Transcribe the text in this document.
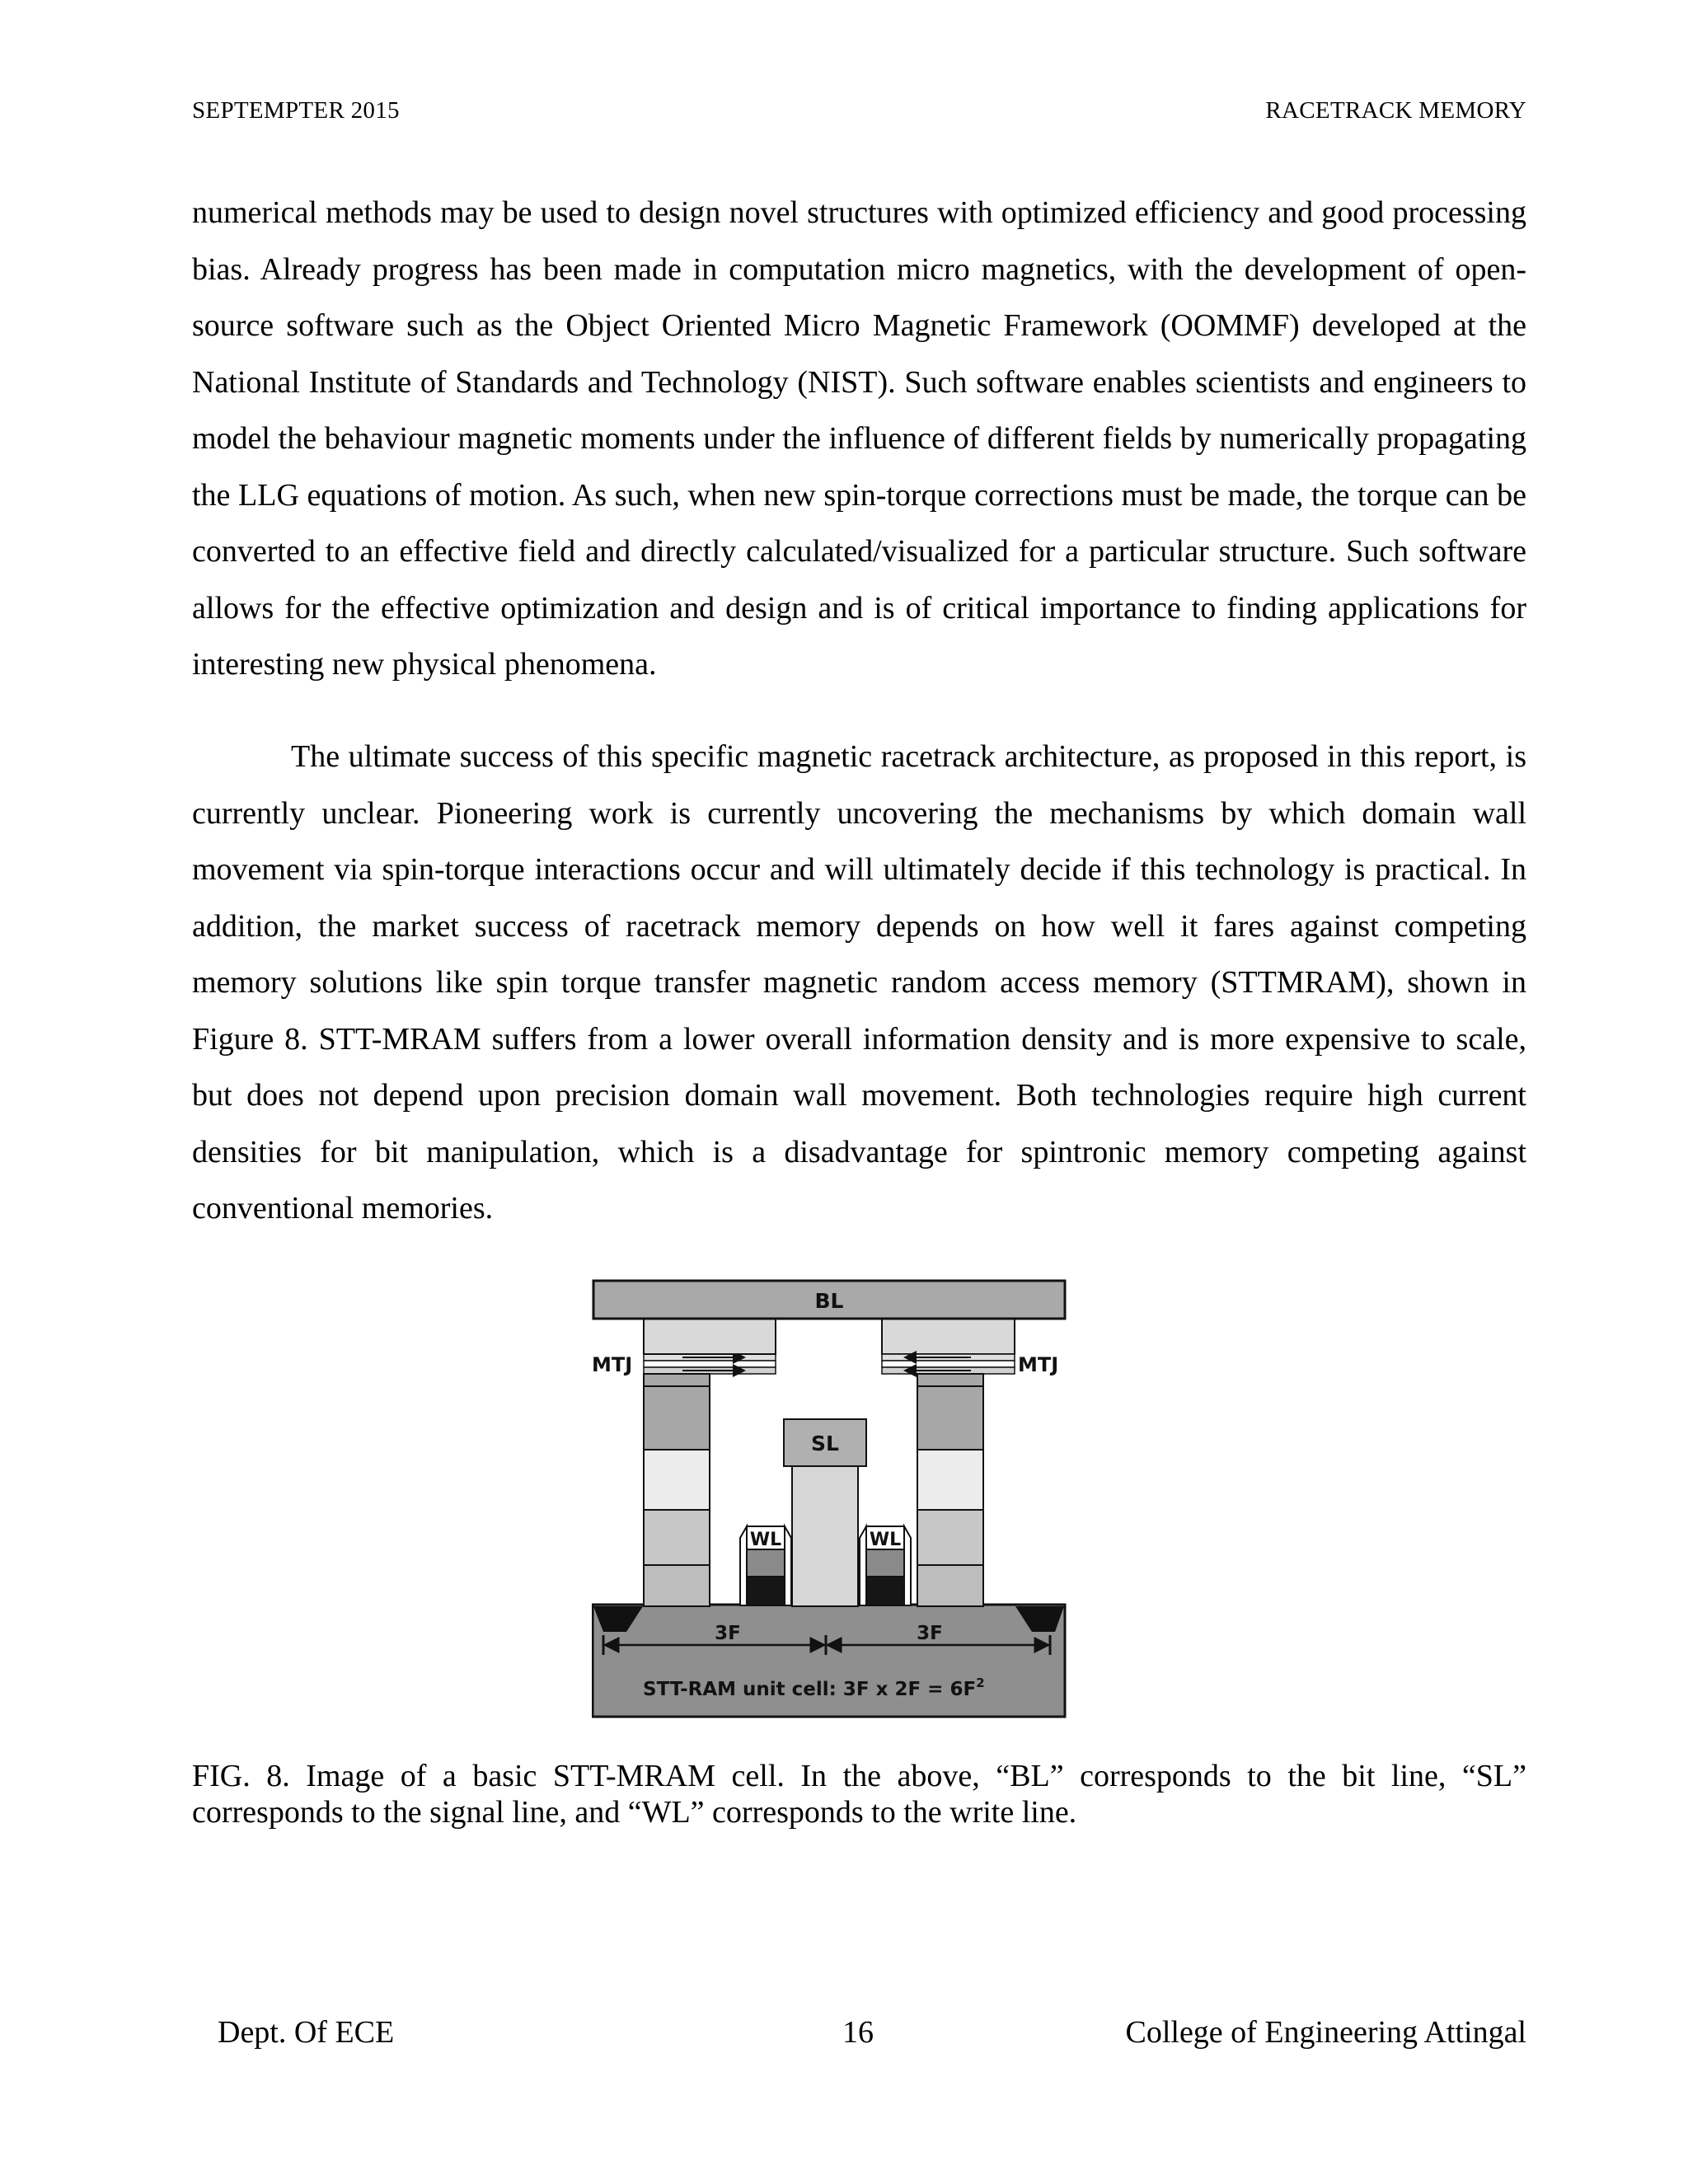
SEPTEMPTER 2015	RACETRACK MEMORY

numerical methods may be used to design novel structures with optimized efficiency and good processing bias. Already progress has been made in computation micro magnetics, with the development of open-source software such as the Object Oriented Micro Magnetic Framework (OOMMF) developed at the National Institute of Standards and Technology (NIST). Such software enables scientists and engineers to model the behaviour magnetic moments under the influence of different fields by numerically propagating the LLG equations of motion. As such, when new spin-torque corrections must be made, the torque can be converted to an effective field and directly calculated/visualized for a particular structure. Such software allows for the effective optimization and design and is of critical importance to finding applications for interesting new physical phenomena.

The ultimate success of this specific magnetic racetrack architecture, as proposed in this report, is currently unclear. Pioneering work is currently uncovering the mechanisms by which domain wall movement via spin-torque interactions occur and will ultimately decide if this technology is practical. In addition, the market success of racetrack memory depends on how well it fares against competing memory solutions like spin torque transfer magnetic random access memory (STTMRAM), shown in Figure 8. STT-MRAM suffers from a lower overall information density and is more expensive to scale, but does not depend upon precision domain wall movement. Both technologies require high current densities for bit manipulation, which is a disadvantage for spintronic memory competing against conventional memories.

BL
MTJ	MTJ
SL
WL	WL
3F	3F
STT-RAM unit cell: 3F x $2F = 6F^2$

FIG. 8. Image of a basic STT-MRAM cell. In the above, “BL” corresponds to the bit line, “SL” corresponds to the signal line, and “WL” corresponds to the write line.

Dept. Of ECE	16	College of Engineering Attingal
